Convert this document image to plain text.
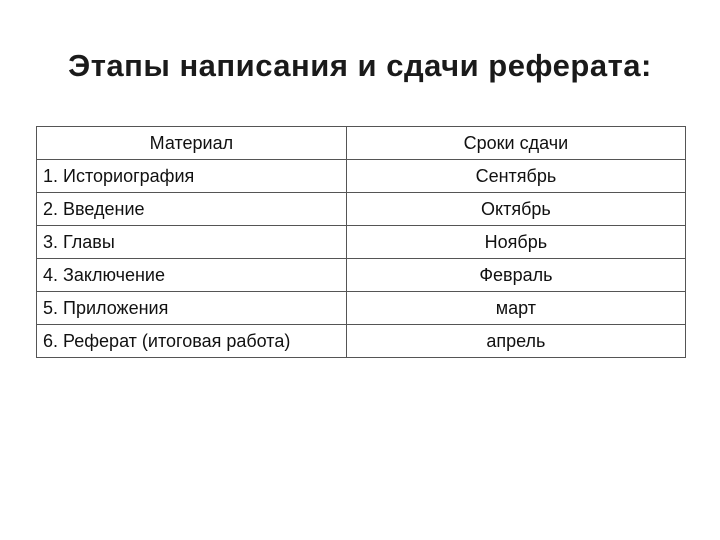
Этапы написания и сдачи реферата:
Материал	Сроки сдачи
1. Историография	Сентябрь
2. Введение	Октябрь
3. Главы	Ноябрь
4. Заключение	Февраль
5. Приложения	март
6. Реферат (итоговая работа)	апрель
